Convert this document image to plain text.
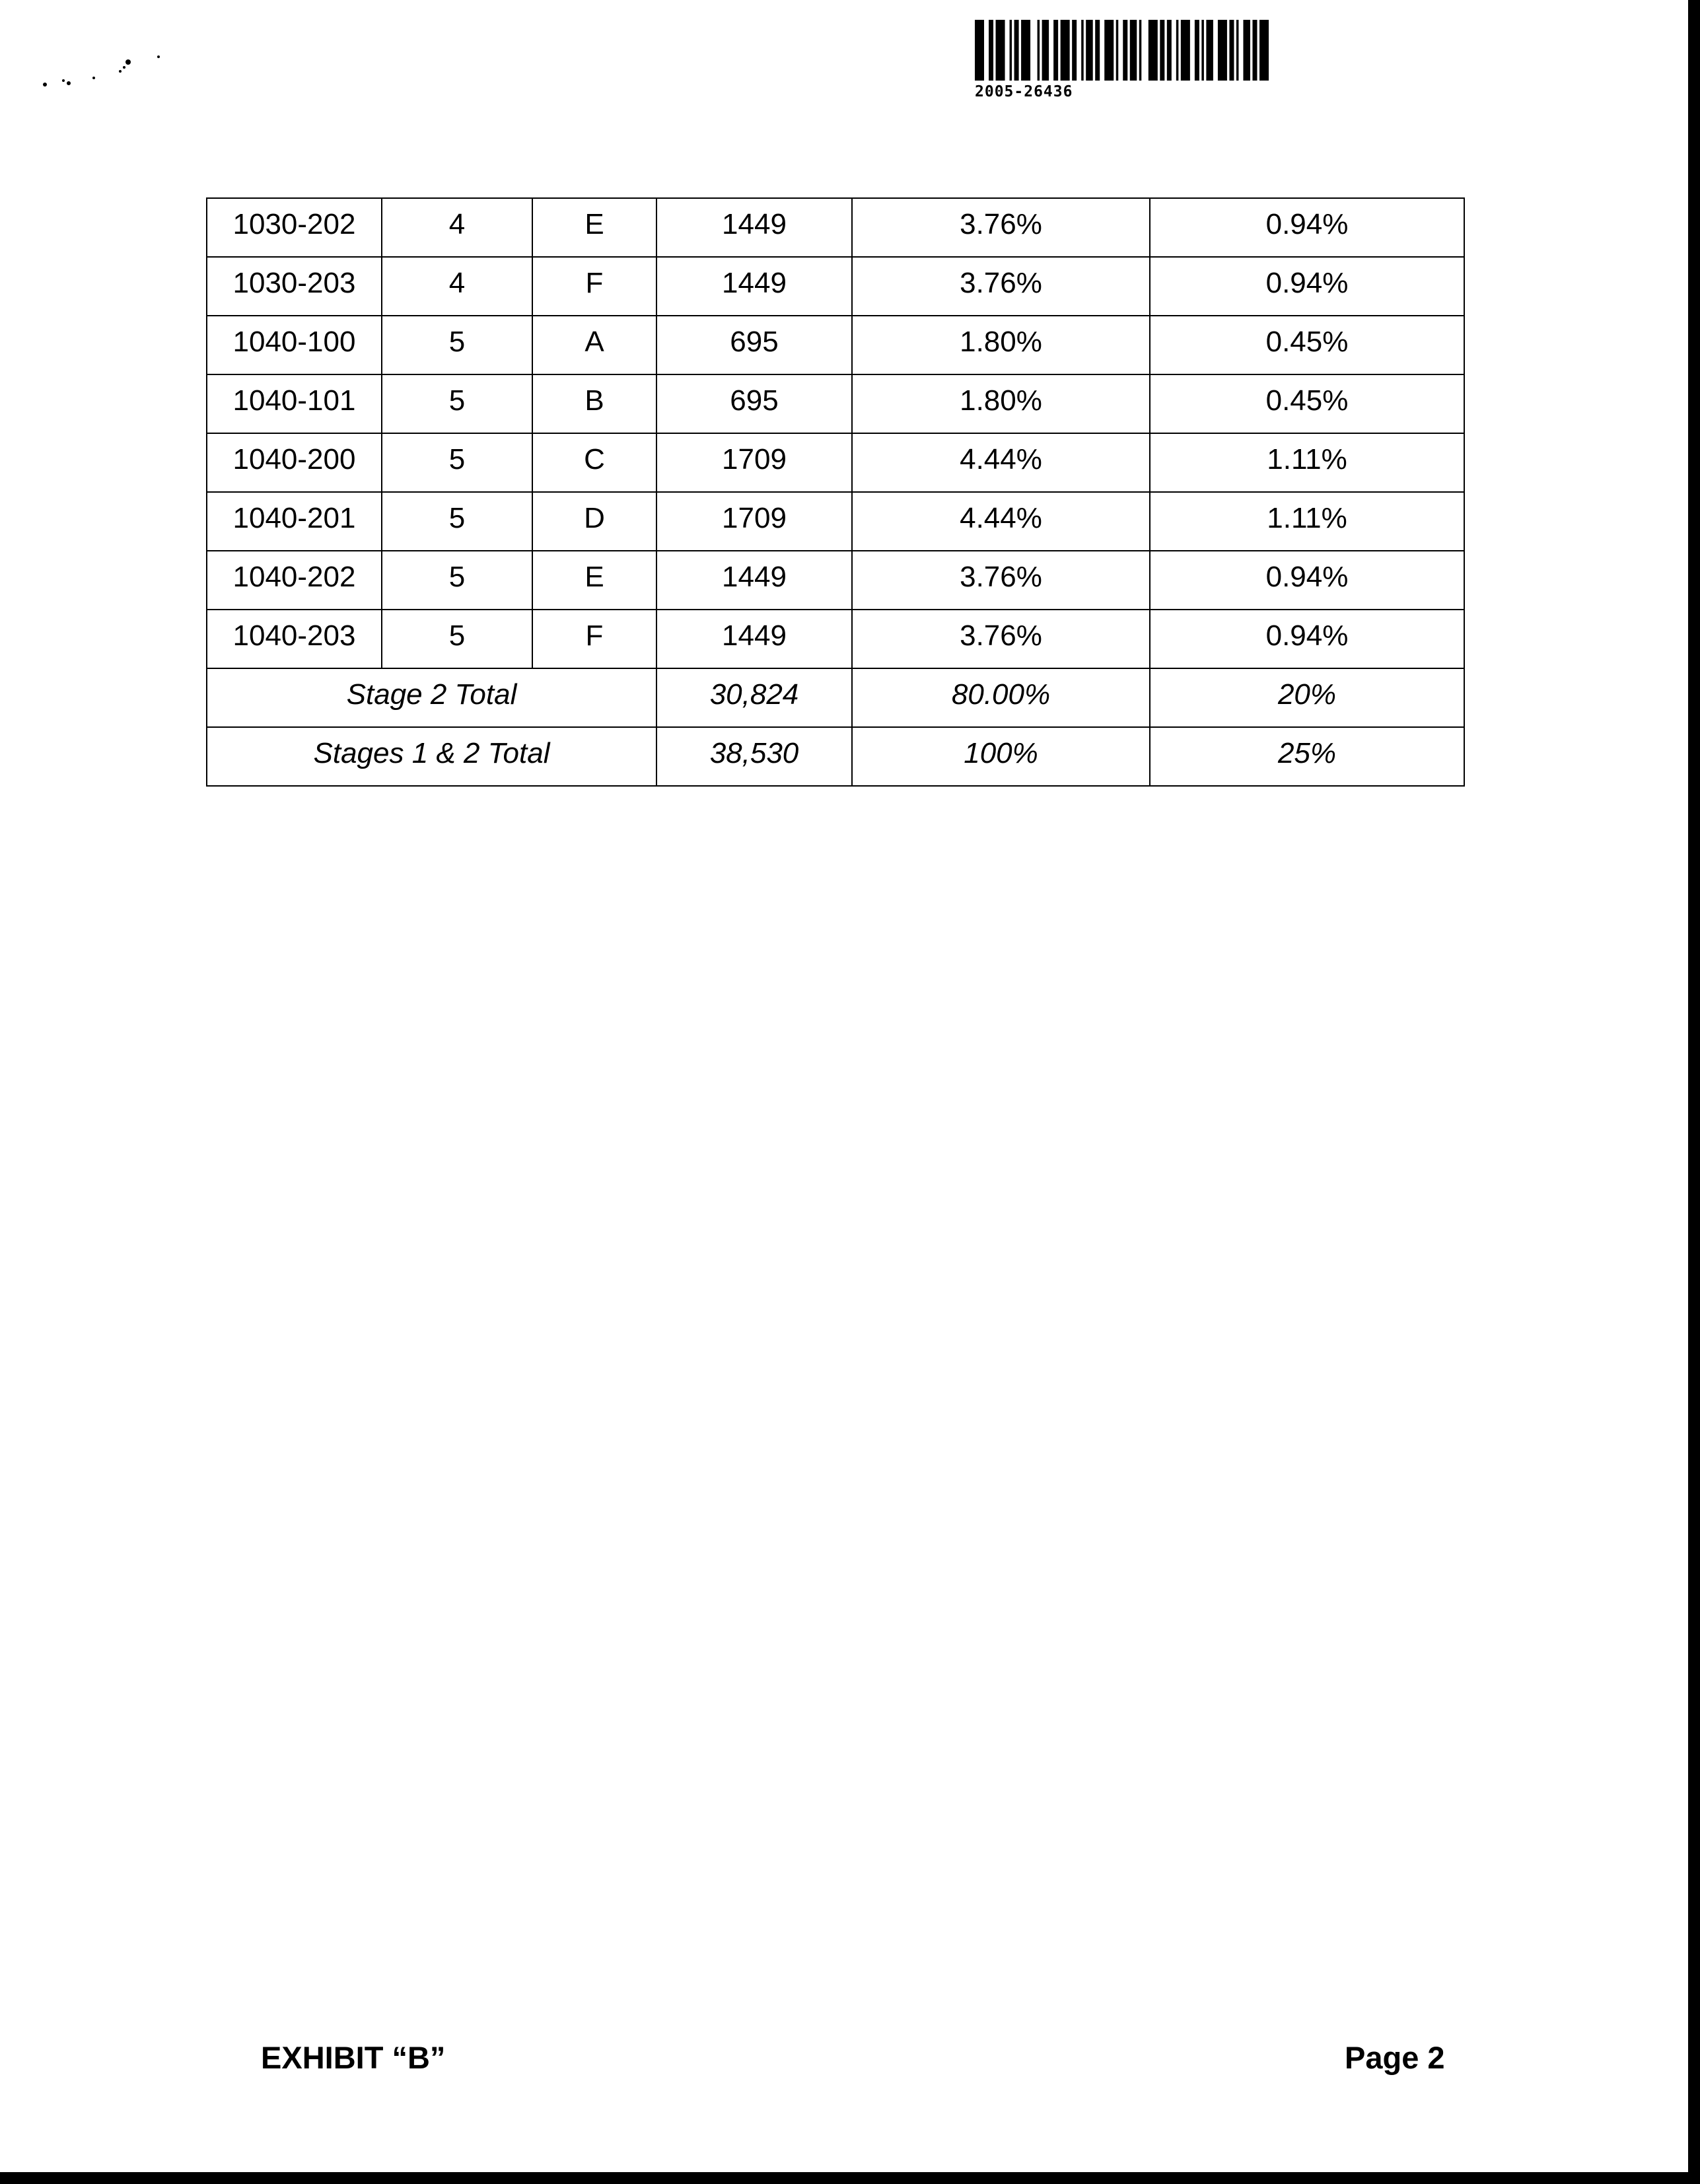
2005-26436
1030-202	4	E	1449	3.76%	0.94%
1030-203	4	F	1449	3.76%	0.94%
1040-100	5	A	695	1.80%	0.45%
1040-101	5	B	695	1.80%	0.45%
1040-200	5	C	1709	4.44%	1.11%
1040-201	5	D	1709	4.44%	1.11%
1040-202	5	E	1449	3.76%	0.94%
1040-203	5	F	1449	3.76%	0.94%
Stage 2 Total			30,824	80.00%	20%
Stages 1 & 2 Total			38,530	100%	25%
EXHIBIT “B”	Page 2
